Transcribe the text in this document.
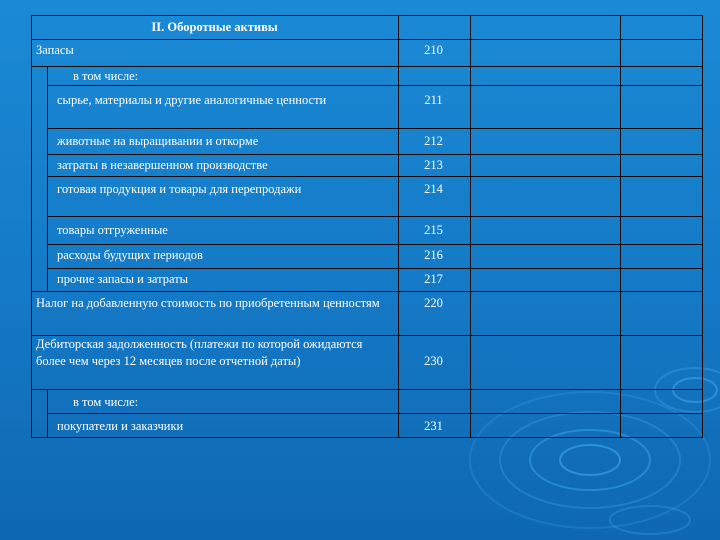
II. Оборотные активы
Запасы	210
в том числе:
сырье, материалы и другие аналогичные ценности	211
животные на выращивании и откорме	212
затраты в незавершенном производстве	213
готовая продукция и товары для перепродажи	214
товары отгруженные	215
расходы будущих периодов	216
прочие запасы и затраты	217
Налог на добавленную стоимость по приобретенным ценностям	220
Дебиторская задолженность (платежи по которой ожидаются более чем через 12 месяцев после отчетной даты)	230
в том числе:
покупатели и заказчики	231
